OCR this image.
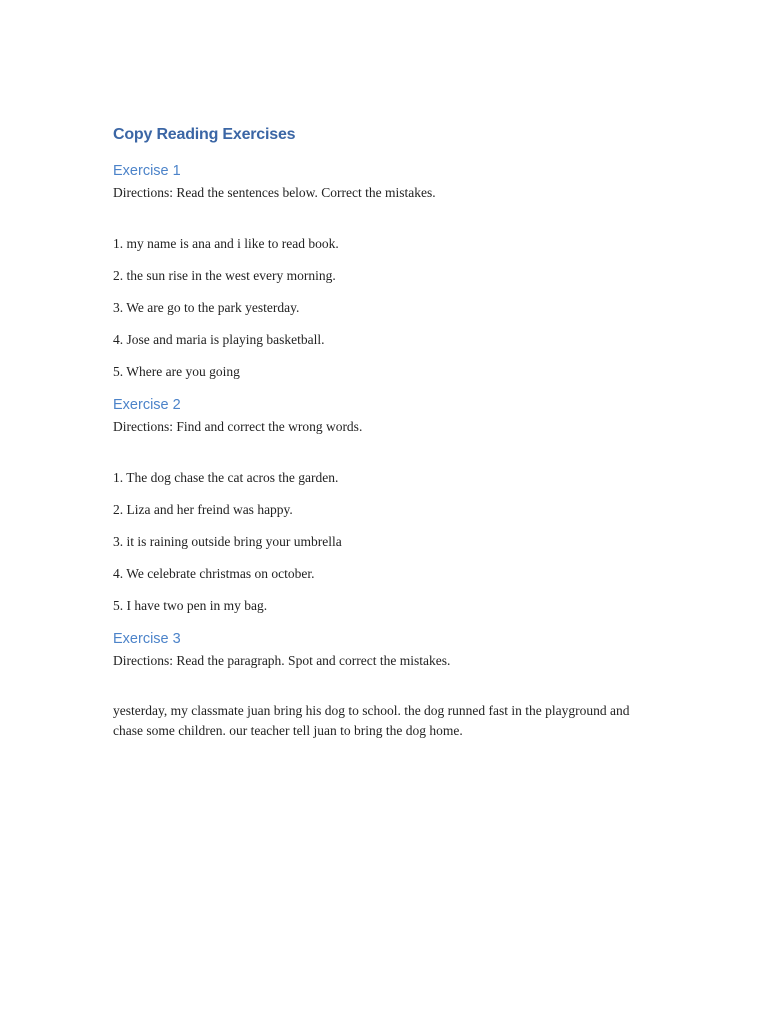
Copy Reading Exercises
Exercise 1

Directions: Read the sentences below. Correct the mistakes.

1. my name is ana and i like to read book.

2. the sun rise in the west every morning.

3. We are go to the park yesterday.

4. Jose and maria is playing basketball.

5. Where are you going

Exercise 2

Directions: Find and correct the wrong words.

1. The dog chase the cat acros the garden.

2. Liza and her freind was happy.

3. it is raining outside bring your umbrella

4. We celebrate christmas on october.

5. I have two pen in my bag.

Exercise 3

Directions: Read the paragraph. Spot and correct the mistakes.

yesterday, my classmate juan bring his dog to school. the dog runned fast in the playground and chase some children. our teacher tell juan to bring the dog home.
